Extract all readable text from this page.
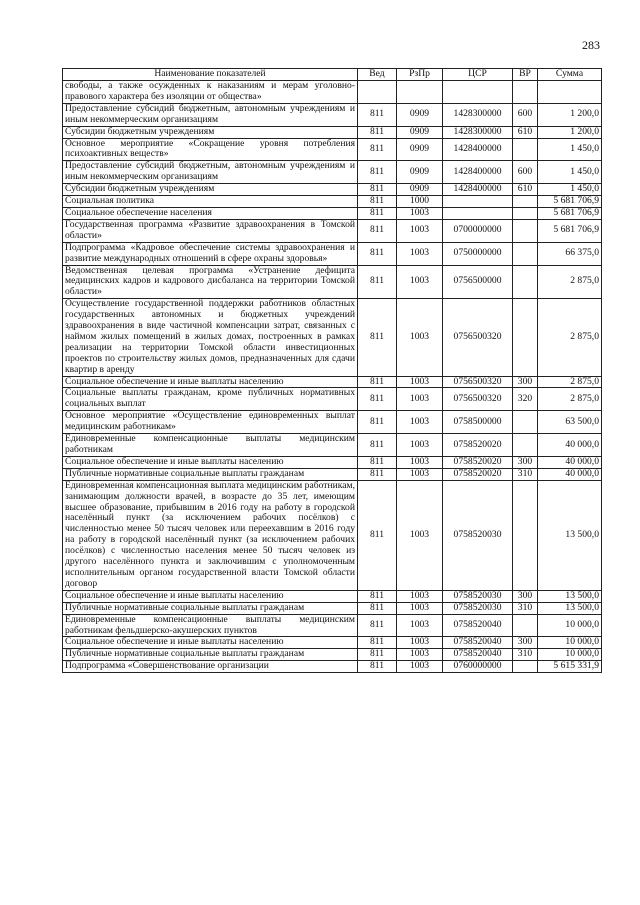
283
Наименование показателей	Вед	РзПр	ЦСР	ВР	Сумма
свободы, а также осужденных к наказаниям и мерам уголовно-правового характера без изоляции от общества»					
Предоставление субсидий бюджетным, автономным учреждениям и иным некоммерческим организациям	811	0909	1428300000	600	1 200,0
Субсидии бюджетным учреждениям	811	0909	1428300000	610	1 200,0
Основное мероприятие «Сокращение уровня потребления психоактивных веществ»	811	0909	1428400000		1 450,0
Предоставление субсидий бюджетным, автономным учреждениям и иным некоммерческим организациям	811	0909	1428400000	600	1 450,0
Субсидии бюджетным учреждениям	811	0909	1428400000	610	1 450,0
Социальная политика	811	1000			5 681 706,9
Социальное обеспечение населения	811	1003			5 681 706,9
Государственная программа «Развитие здравоохранения в Томской области»	811	1003	0700000000		5 681 706,9
Подпрограмма «Кадровое обеспечение системы здравоохранения и развитие международных отношений в сфере охраны здоровья»	811	1003	0750000000		66 375,0
Ведомственная целевая программа «Устранение дефицита медицинских кадров и кадрового дисбаланса на территории Томской области»	811	1003	0756500000		2 875,0
Осуществление государственной поддержки работников областных государственных автономных и бюджетных учреждений здравоохранения в виде частичной компенсации затрат, связанных с наймом жилых помещений в жилых домах, построенных в рамках реализации на территории Томской области инвестиционных проектов по строительству жилых домов, предназначенных для сдачи квартир в аренду	811	1003	0756500320		2 875,0
Социальное обеспечение и иные выплаты населению	811	1003	0756500320	300	2 875,0
Социальные выплаты гражданам, кроме публичных нормативных социальных выплат	811	1003	0756500320	320	2 875,0
Основное мероприятие «Осуществление единовременных выплат медицинским работникам»	811	1003	0758500000		63 500,0
Единовременные компенсационные выплаты медицинским работникам	811	1003	0758520020		40 000,0
Социальное обеспечение и иные выплаты населению	811	1003	0758520020	300	40 000,0
Публичные нормативные социальные выплаты гражданам	811	1003	0758520020	310	40 000,0
Единовременная компенсационная выплата медицинским работникам, занимающим должности врачей, в возрасте до 35 лет, имеющим высшее образование, прибывшим в 2016 году на работу в городской населённый пункт (за исключением рабочих посёлков) с численностью менее 50 тысяч человек или переехавшим в 2016 году на работу в городской населённый пункт (за исключением рабочих посёлков) с численностью населения менее 50 тысяч человек из другого населённого пункта и заключившим с уполномоченным исполнительным органом государственной власти Томской области договор	811	1003	0758520030		13 500,0
Социальное обеспечение и иные выплаты населению	811	1003	0758520030	300	13 500,0
Публичные нормативные социальные выплаты гражданам	811	1003	0758520030	310	13 500,0
Единовременные компенсационные выплаты медицинским работникам фельдшерско-акушерских пунктов	811	1003	0758520040		10 000,0
Социальное обеспечение и иные выплаты населению	811	1003	0758520040	300	10 000,0
Публичные нормативные социальные выплаты гражданам	811	1003	0758520040	310	10 000,0
Подпрограмма «Совершенствование организации	811	1003	0760000000		5 615 331,9
